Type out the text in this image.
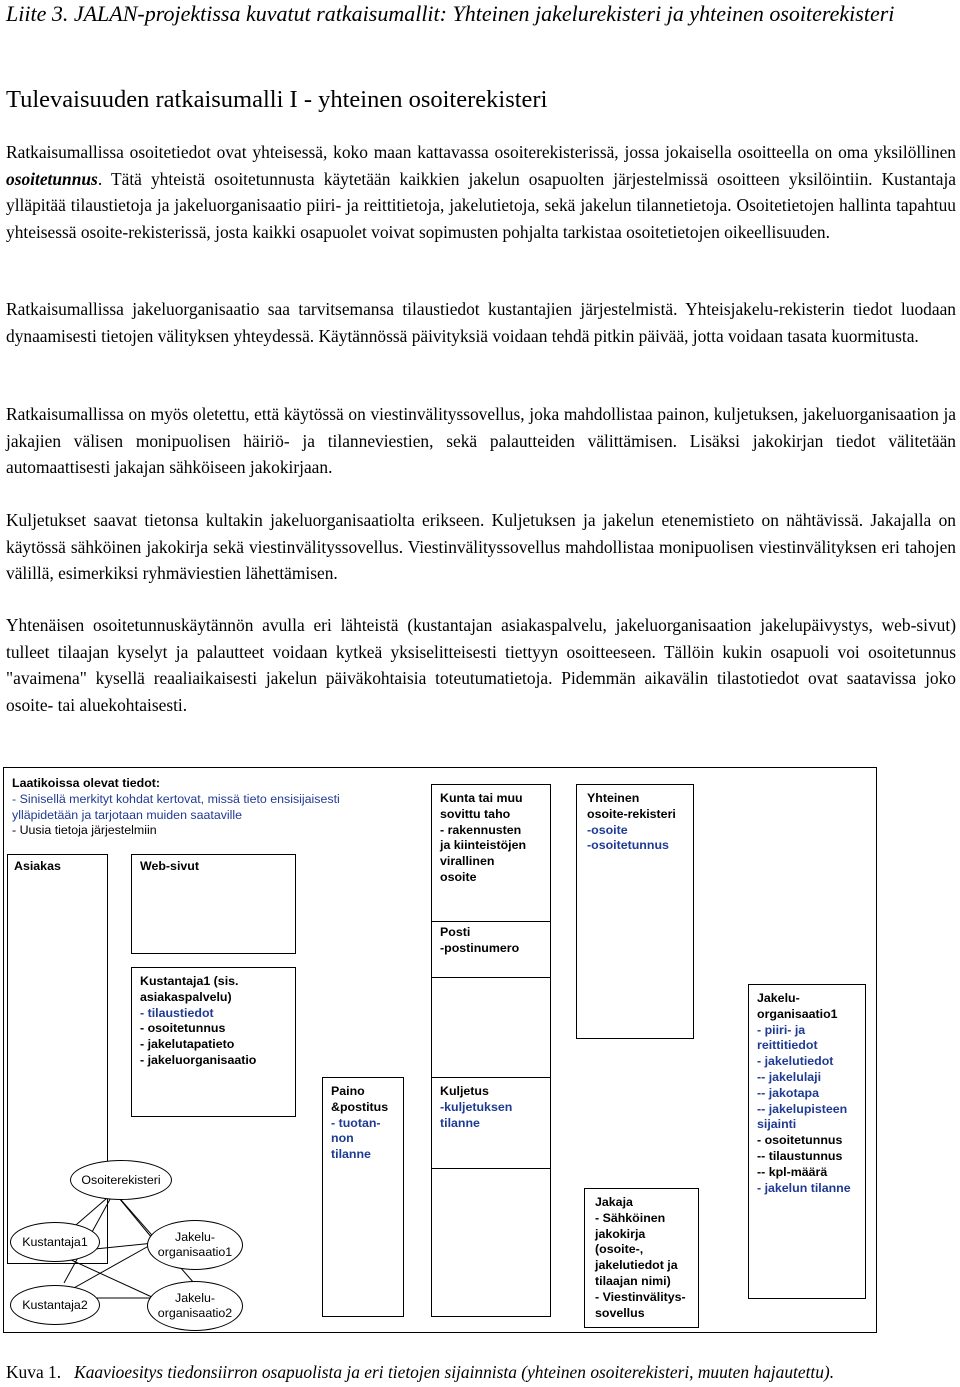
Liite 3. JALAN-projektissa kuvatut ratkaisumallit: Yhteinen jakelurekisteri ja yhteinen osoiterekisteri
Tulevaisuuden ratkaisumalli I - yhteinen osoiterekisteri

Ratkaisumallissa osoitetiedot ovat yhteisessä, koko maan kattavassa osoiterekisterissä, jossa jokaisella osoitteella on oma yksilöllinen osoitetunnus. Tätä yhteistä osoitetunnusta käytetään kaikkien jakelun osapuolten järjestelmissä osoitteen yksilöintiin. Kustantaja ylläpitää tilaustietoja ja jakeluorganisaatio piiri- ja reittitietoja, jakelutietoja, sekä jakelun tilannetietoja. Osoitetietojen hallinta tapahtuu yhteisessä osoite-rekisterissä, josta kaikki osapuolet voivat sopimusten pohjalta tarkistaa osoitetietojen oikeellisuuden.

Ratkaisumallissa jakeluorganisaatio saa tarvitsemansa tilaustiedot kustantajien järjestelmistä. Yhteisjakelu-rekisterin tiedot luodaan dynaamisesti tietojen välityksen yhteydessä. Käytännössä päivityksiä voidaan tehdä pitkin päivää, jotta voidaan tasata kuormitusta.

Ratkaisumallissa on myös oletettu, että käytössä on viestinvälityssovellus, joka mahdollistaa painon, kuljetuksen, jakeluorganisaation ja jakajien välisen monipuolisen häiriö- ja tilanneviestien, sekä palautteiden välittämisen. Lisäksi jakokirjan tiedot välitetään automaattisesti jakajan sähköiseen jakokirjaan.

Kuljetukset saavat tietonsa kultakin jakeluorganisaatiolta erikseen. Kuljetuksen ja jakelun etenemistieto on nähtävissä. Jakajalla on käytössä sähköinen jakokirja sekä viestinvälityssovellus. Viestinvälityssovellus mahdollistaa monipuolisen viestinvälityksen eri tahojen välillä, esimerkiksi ryhmäviestien lähettämisen.

Yhtenäisen osoitetunnuskäytännön avulla eri lähteistä (kustantajan asiakaspalvelu, jakeluorganisaation jakelupäivystys, web-sivut) tulleet tilaajan kyselyt ja palautteet voidaan kytkeä yksiselitteisesti tiettyyn osoitteeseen. Tällöin kukin osapuoli voi osoitetunnus "avaimena" kysellä reaaliaikaisesti jakelun päiväkohtaisia toteutumatietoja. Pidemmän aikavälin tilastotiedot ovat saatavissa joko osoite- tai aluekohtaisesti.

Laatikoissa olevat tiedot:
- Sinisellä merkityt kohdat kertovat, missä tieto ensisijaisesti ylläpidetään ja tarjotaan muiden saataville
- Uusia tietoja järjestelmiin
Asiakas	Web-sivut
Kunta tai muu
sovittu taho
- rakennusten
ja kiinteistöjen
virallinen
osoite
Posti
-postinumero
Yhteinen
osoite-rekisteri
-osoite
-osoitetunnus
Kustantaja1 (sis.
asiakaspalvelu)
- tilaustiedot
- osoitetunnus
- jakelutapatieto
- jakeluorganisaatio
Paino
&postitus
- tuotan-
non
tilanne
Kuljetus
-kuljetuksen
tilanne
Jakelu-
organisaatio1
- piiri- ja
reittitiedot
- jakelutiedot
-- jakelulaji
-- jakotapa
-- jakelupisteen
sijainti
- osoitetunnus
-- tilaustunnus
-- kpl-määrä
- jakelun tilanne
Jakaja
- Sähköinen
jakokirja
(osoite-,
jakelutiedot ja
tilaajan nimi)
- Viestinvälitys-
sovellus
Osoiterekisteri
Kustantaja1
Kustantaja2
Jakelu-
organisaatio1
Jakelu-
organisaatio2
Kuva 1. Kaavioesitys tiedonsiirron osapuolista ja eri tietojen sijainnista (yhteinen osoiterekisteri, muuten hajautettu).
